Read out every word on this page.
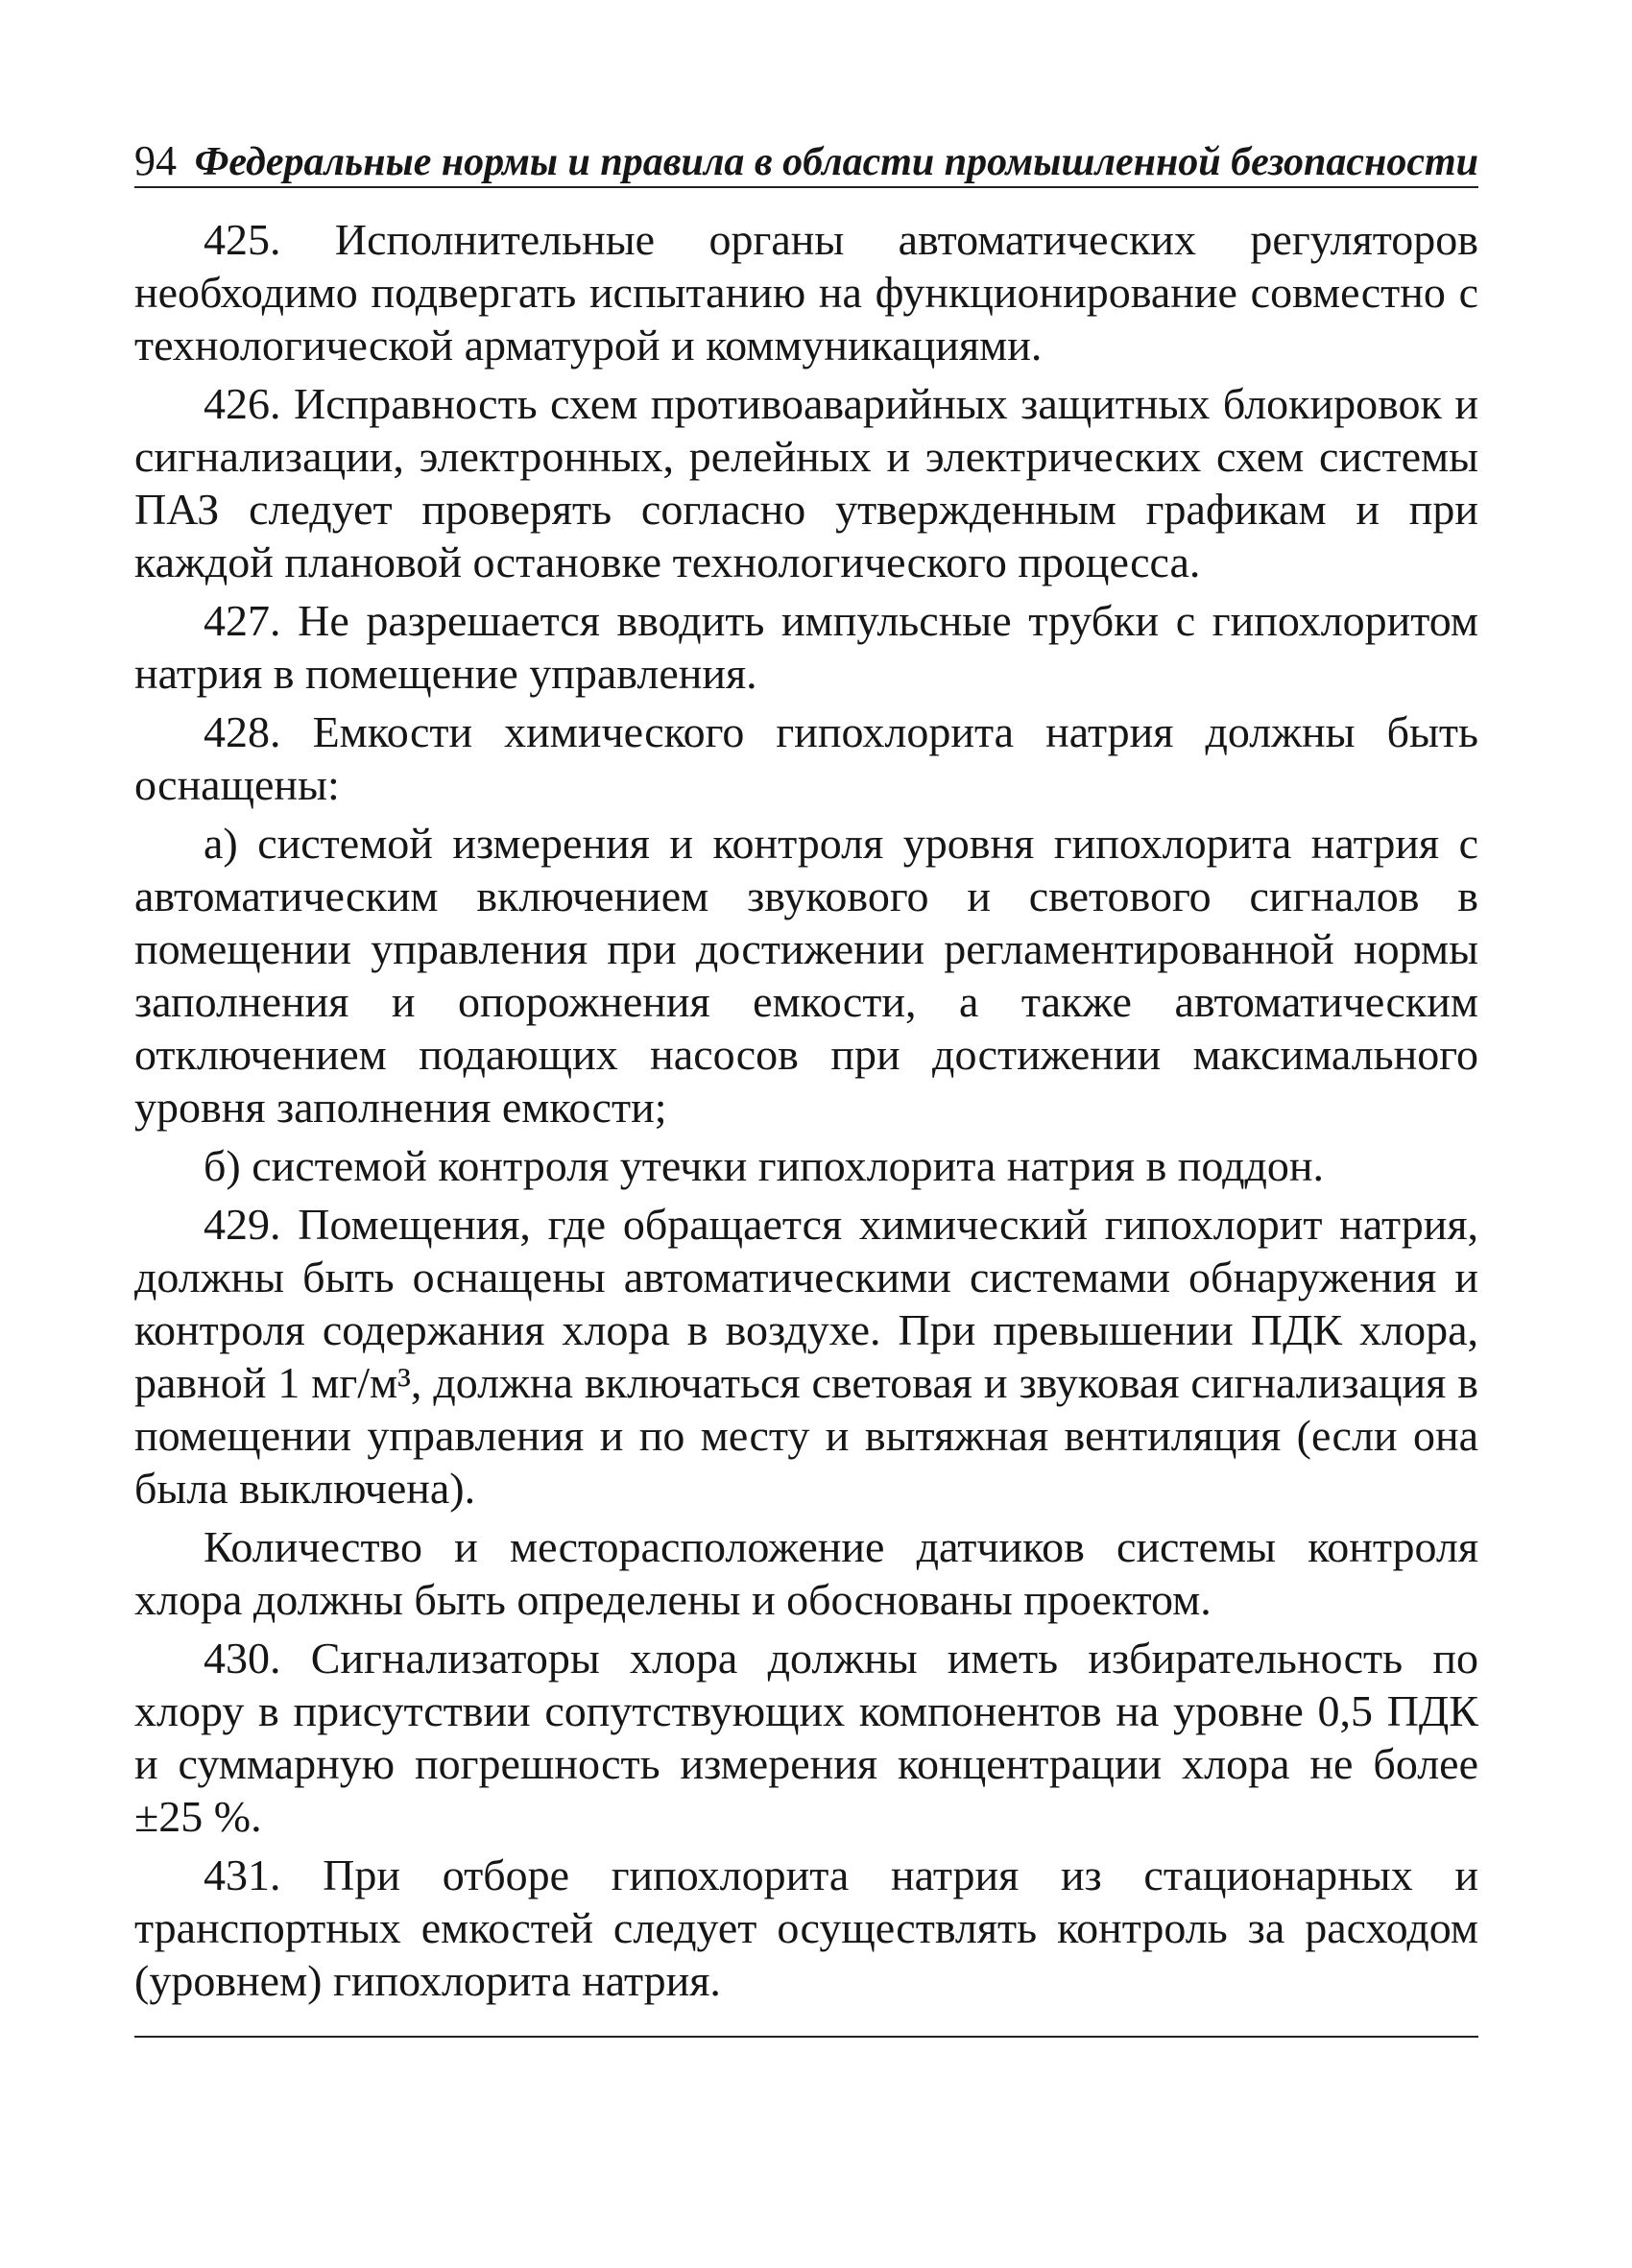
94 Федеральные нормы и правила в области промышленной безопасности

425. Исполнительные органы автоматических регуляторов необходимо подвергать испытанию на функционирование совместно с технологической арматурой и коммуникациями.

426. Исправность схем противоаварийных защитных блокировок и сигнализации, электронных, релейных и электрических схем системы ПАЗ следует проверять согласно утвержденным графикам и при каждой плановой остановке технологического процесса.

427. Не разрешается вводить импульсные трубки с гипохлоритом натрия в помещение управления.

428. Емкости химического гипохлорита натрия должны быть оснащены:

а) системой измерения и контроля уровня гипохлорита натрия с автоматическим включением звукового и светового сигналов в помещении управления при достижении регламентированной нормы заполнения и опорожнения емкости, а также автоматическим отключением подающих насосов при достижении максимального уровня заполнения емкости;

б) системой контроля утечки гипохлорита натрия в поддон.

429. Помещения, где обращается химический гипохлорит натрия, должны быть оснащены автоматическими системами обнаружения и контроля содержания хлора в воздухе. При превышении ПДК хлора, равной 1 мг/м³, должна включаться световая и звуковая сигнализация в помещении управления и по месту и вытяжная вентиляция (если она была выключена).

Количество и месторасположение датчиков системы контроля хлора должны быть определены и обоснованы проектом.

430. Сигнализаторы хлора должны иметь избирательность по хлору в присутствии сопутствующих компонентов на уровне 0,5 ПДК и суммарную погрешность измерения концентрации хлора не более ±25 %.

431. При отборе гипохлорита натрия из стационарных и транспортных емкостей следует осуществлять контроль за расходом (уровнем) гипохлорита натрия.
